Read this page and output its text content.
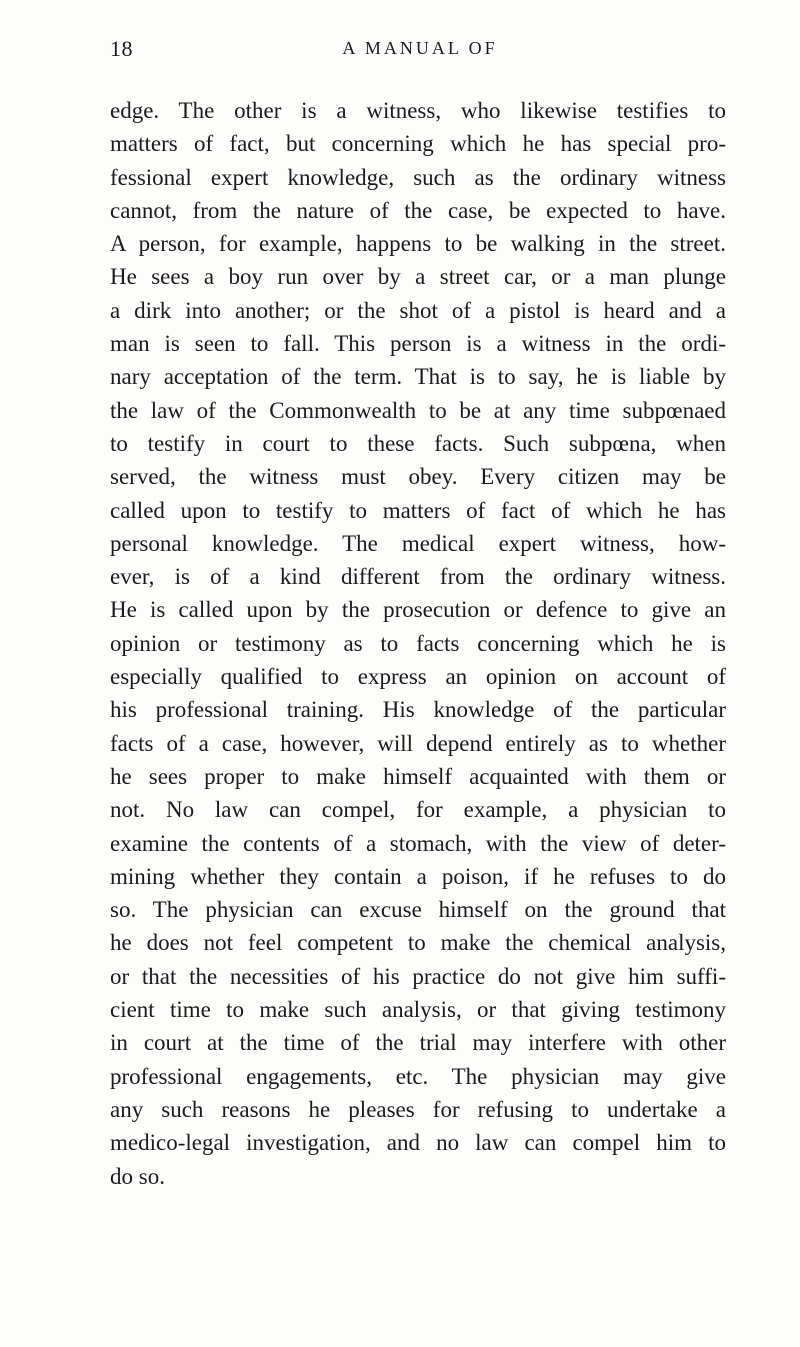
18	A MANUAL OF
edge. The other is a witness, who likewise testifies to
matters of fact, but concerning which he has special pro-
fessional expert knowledge, such as the ordinary witness
cannot, from the nature of the case, be expected to have.
A person, for example, happens to be walking in the street.
He sees a boy run over by a street car, or a man plunge
a dirk into another; or the shot of a pistol is heard and a
man is seen to fall. This person is a witness in the ordi-
nary acceptation of the term. That is to say, he is liable by
the law of the Commonwealth to be at any time subpœnaed
to testify in court to these facts. Such subpœna, when
served, the witness must obey. Every citizen may be
called upon to testify to matters of fact of which he has
personal knowledge. The medical expert witness, how-
ever, is of a kind different from the ordinary witness.
He is called upon by the prosecution or defence to give an
opinion or testimony as to facts concerning which he is
especially qualified to express an opinion on account of
his professional training. His knowledge of the particular
facts of a case, however, will depend entirely as to whether
he sees proper to make himself acquainted with them or
not. No law can compel, for example, a physician to
examine the contents of a stomach, with the view of deter-
mining whether they contain a poison, if he refuses to do
so. The physician can excuse himself on the ground that
he does not feel competent to make the chemical analysis,
or that the necessities of his practice do not give him suffi-
cient time to make such analysis, or that giving testimony
in court at the time of the trial may interfere with other
professional engagements, etc. The physician may give
any such reasons he pleases for refusing to undertake a
medico-legal investigation, and no law can compel him to
do so.
